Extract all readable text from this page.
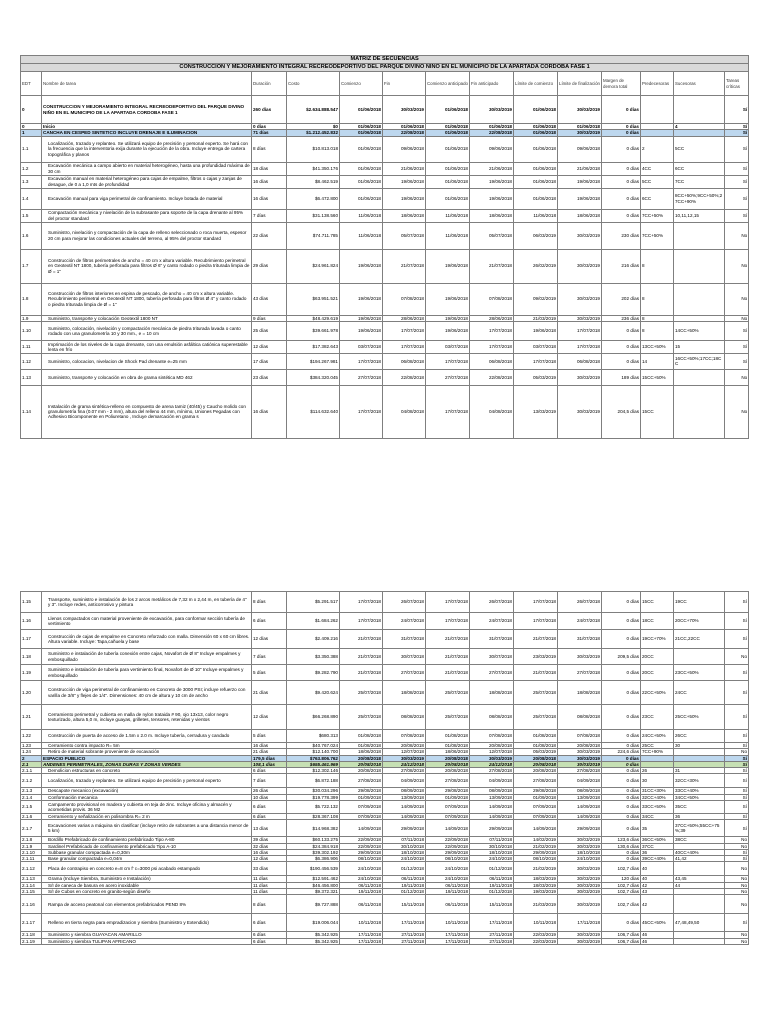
MATRIZ DE SECUENCIAS													
CONSTRUCCION Y MEJORAMIENTO INTEGRAL RECREODEPORTIVO DEL PARQUE DIVINO NIÑO EN EL MUNICIPIO DE LA APARTADA CORDOBA FASE 1													
EDT	Nombre de tarea	Duración	Costo	Comienzo	Fin	Comienzo anticipado	Fin anticipado	Límite de comienzo	Límite de finalización	Margen de demora total	Predecesoras	Sucesoras	Tareas críticas
0	CONSTRUCCION Y MEJORAMIENTO INTEGRAL RECREODEPORTIVO DEL PARQUE DIVINO NIÑO EN EL MUNICIPIO DE LA APARTADA CORDOBA FASE 1	260 días	$2.634.888.547	01/06/2018	30/03/2019	01/06/2018	30/03/2019	01/06/2018	30/03/2019	0 días			Sí
0	Inicio	0 días	$0	01/06/2018	01/06/2018	01/06/2018	01/06/2018	01/06/2018	01/06/2018	0 días		4	Sí
1	CANCHA EN CESPED SINTETICO INCLUYE DRENAJE E ILUMINACION	71 días	$1.212.452.832	01/06/2018	22/08/2018	01/06/2018	22/08/2018	01/06/2018	30/03/2019	0 días			Sí
1.1	Localización, trazado y replanteo. Se utilizará equipo de precisión y personal experto. Se hará con la frecuencia que la interventoria exija durante la ejecución de la obra. Incluye entrega de cartera topográfica y planos	8 días	$10.813.018	01/06/2018	09/06/2018	01/06/2018	09/06/2018	01/06/2018	09/06/2018	0 días	2	5CC	Sí
1.2	Excavación mecánica a campo abierto en material heterogéneo, hasta una profundidad máxima de 30 cm	18 días	$41.350.176	01/06/2018	21/06/2018	01/06/2018	21/06/2018	01/06/2018	21/06/2018	0 días	4CC	6CC	Sí
1.3	Excavación manual en material heterogéneo para cajas de empalme, filtros o cajas y zanjas de desague, de 0 a 1,0 mts de profundidad	16 días	$8.462.519	01/06/2018	19/06/2018	01/06/2018	19/06/2018	01/06/2018	19/06/2018	0 días	5CC	7CC	Sí
1.4	Excavación manual para viga perimetral de confinamiento. Incluye botada de material	16 días	$6.472.800	01/06/2018	19/06/2018	01/06/2018	19/06/2018	01/06/2018	19/06/2018	0 días	6CC	8CC+50%;9CC+50%;27CC+90%	Sí
1.5	Compactación mecánica y nivelación de la subrasante para soporte de la capa drenante al 95% del proctor standard	7 días	$31.138.560	11/06/2018	18/06/2018	11/06/2018	18/06/2018	11/06/2018	18/06/2018	0 días	7CC+50%	10,11,12,15	Sí
1.6	Suministro, nivelación y compactación de la capa de relleno seleccionado o roca muerta, espesor 20 cm para mejorar las condiciones actuales del terreno, al 95% del proctor standard	22 días	$74.711.785	11/06/2018	05/07/2018	11/06/2018	05/07/2018	06/03/2019	30/03/2019	230 días	7CC+50%		No
1.7	Construcción de filtros perimetrales de ancho = 40 cm x altura variable. Recubrimiento perimetral en Geotextil NT 1800, tubería perforada para filtros Ø 6" y canto rodado o piedra triturada limpia de Ø = 1"	29 días	$24.961.824	19/06/2018	21/07/2018	19/06/2018	21/07/2018	26/02/2019	30/03/2019	216 días	8		No
1.8	Construcción de filtros interiores en espina de pescado, de ancho = 40 cm x altura variable. Recubrimiento perimetral en Geotextil NT 1800, tubería perforada para filtros Ø 4" y canto rodado o piedra triturada limpia de Ø = 1"	43 días	$63.951.521	19/06/2018	07/08/2018	19/06/2018	07/08/2018	09/02/2019	30/03/2019	202 días	8		No
1.9	Suministro, transporte y colocación Geotextil 1800 NT	9 días	$48.429.619	19/06/2018	28/06/2018	19/06/2018	28/06/2018	21/03/2019	30/03/2019	236 días	8		No
1.10	Suministro, colocación, nivelación y compactación mecánica de piedra triturada lavada o canto rodado con una granulometría 10 y 30 mm., e = 10 cm	25 días	$39.661.978	19/06/2018	17/07/2018	19/06/2018	17/07/2018	19/06/2018	17/07/2018	0 días	8	14CC+50%	Sí
1.11	Imprimación de los niveles de la capa drenante, con una emulsión asfáltica catiónica superestable lenta en frío	12 días	$17.382.643	03/07/2018	17/07/2018	03/07/2018	17/07/2018	03/07/2018	17/07/2018	0 días	13CC+50%	15	Sí
1.12	Suministro, colocacion, nivelacion de Shock Pad drenante e=25 mm	17 días	$194.267.981	17/07/2018	06/08/2018	17/07/2018	06/08/2018	17/07/2018	06/08/2018	0 días	14	16CC+50%;17CC;18CC	Sí
1.13	Suministro, transporte y colocación en obra de grama sintética MD 462	23 días	$384.320.045	27/07/2018	22/08/2018	27/07/2018	22/08/2018	05/03/2019	30/03/2019	189 días	15CC+50%		No
1.14	Instalación de grama sintética-relleno en compuesto de arena tamiz (40/45) y Caucho molido con granulometría fina (0.07 mm - 2 mm), altura del relleno 44 mm, mínimo, Uniones Pegadas con Adhesivo Bicomponente en Poliuretano , Incluye demarcación en grama s	16 días	$114.632.640	17/07/2018	04/08/2018	17/07/2018	04/08/2018	13/03/2019	30/03/2019	204,5 días	15CC		No
1.15	Transporte, suministro e instalación de los 2 arcos metálicos de 7,32 m x 2,44 m, en tubería de 4" y 3". Incluye redes, anticorrosivo y pintura	8 días	$5.291.517	17/07/2018	26/07/2018	17/07/2018	26/07/2018	17/07/2018	26/07/2018	0 días	15CC	19CC	Sí
1.16	Llenos compactados con material proveniente de excavación, para conformar sección tubería de vertimiento	6 días	$1.684.262	17/07/2018	24/07/2018	17/07/2018	24/07/2018	17/07/2018	24/07/2018	0 días	18CC	20CC+70%	Sí
1.17	Construcción de cajas de empalme en Concreto reforzado con malla. Dimensión 60 x 60 cm libres. Altura variable. Incluye: Tapa,cañuela y base	12 días	$2.409.216	21/07/2018	31/07/2018	21/07/2018	31/07/2018	21/07/2018	31/07/2018	0 días	19CC+70%	21CC,22CC	Sí
1.18	Suministro e instalación de tubería conexión entre cajas, Novafort de Ø 8" Incluye empalmes y embosquillado	7 días	$3.350.388	21/07/2018	30/07/2018	21/07/2018	30/07/2018	23/03/2019	30/03/2019	209,5 días	20CC		No
1.19	Suministro e instalación de tubería para vertimiento final, Novafort de Ø 10" Incluye empalmes y embosquillado	5 días	$9.282.790	21/07/2018	27/07/2018	21/07/2018	27/07/2018	21/07/2018	27/07/2018	0 días	20CC	23CC+50%	Sí
1.20	Construcción de viga perimetral de confinamiento en Concreto de 3000 PSI; incluye refuerzo con varilla de 3/8" y flejes de 1/4". Dimensiones: 40 cm de altura y 10 cm de ancho	21 días	$9.420.624	25/07/2018	18/08/2018	25/07/2018	18/08/2018	25/07/2018	18/08/2018	0 días	22CC+50%	24CC	Sí
1.21	Cerramiento perimetral y cubierta en malla de nylon trataida # 90, ojo 13x13, color negro texturizado, altura 5,0 m, incluye guayas, grilletes, tensores, retenidas y vientos	12 días	$66.268.890	25/07/2018	08/08/2018	25/07/2018	08/08/2018	25/07/2018	08/08/2018	0 días	23CC	25CC+50%	Sí
1.22	Construcción de puerta de acceso de 1.5m x 2.0 m. Incluye tubería, cerradura y candado	5 días	$680.313	01/08/2018	07/08/2018	01/08/2018	07/08/2018	01/08/2018	07/08/2018	0 días	24CC+50%	26CC	Sí
1.23	Cerramiento contra impacto R= 5m	16 días	$40.767.024	01/08/2018	20/08/2018	01/08/2018	20/08/2018	01/08/2018	20/08/2018	0 días	25CC	30	Sí
1.24	Retiro de material sobrante proveniente de excavación	21 días	$12.140.700	18/06/2018	12/07/2018	18/06/2018	12/07/2018	05/03/2019	30/03/2019	224,6 días	7CC+90%		No
2	ESPACIO PUBLICO	179,5 días	$763.806.762	20/08/2018	30/03/2019	20/08/2018	30/03/2019	20/08/2018	30/03/2019	0 días			Sí
2.1	ANDENES PERIMETRALES, ZONAS DURAS Y ZONAS VERDES	108,1 días	$655.461.969	20/08/2018	24/12/2018	20/08/2018	24/12/2018	20/08/2018	30/03/2019	0 días			Sí
2.1.1	Demolicion estructuras en concreto	6 días	$12.302.146	20/08/2018	27/08/2018	20/08/2018	27/08/2018	20/08/2018	27/08/2018	0 días	26	31	Sí
2.1.2	Localización, trazado y replanteo. Se utilizará equipo de precisión y personal experto	7 días	$6.872.188	27/08/2018	04/09/2018	27/08/2018	04/09/2018	27/08/2018	04/09/2018	0 días	30	32CC+30%	Sí
2.1.3	Descapote mecanico (excavación)	26 días	$30.034.296	29/08/2018	08/09/2018	29/08/2018	08/09/2018	29/08/2018	08/09/2018	0 días	31CC+30%	33CC+40%	Sí
2.1.4	Conformación mecanica	10 días	$19.778.399	01/09/2018	13/09/2018	01/09/2018	13/09/2018	01/09/2018	13/09/2018	0 días	32CC+40%	34CC+50%	Sí
2.1.5	Campamento provisional en madera y cubierta en teja de zinc. Incluye oficina y almacén y acometidas provis. 36 M2	6 días	$5.722.132	07/09/2018	14/09/2018	07/09/2018	14/09/2018	07/09/2018	14/09/2018	0 días	33CC+50%	35CC	Sí
2.1.6	Cerramiento y señalización en polisombra R= 2 m	6 días	$28.367.108	07/09/2018	14/09/2018	07/09/2018	14/09/2018	07/09/2018	14/09/2018	0 días	34CC	36	Sí
2.1.7	Excavaciones varias a máquina sin clasificar (incluye retiro de sobrantes a una distancia menor de 5 km)	13 días	$14.968.382	14/09/2018	29/09/2018	14/09/2018	29/09/2018	14/09/2018	29/09/2018	0 días	35	37CC+50%;55CC+75%;39	Sí
2.1.8	Bordillo Prefabricado de confinamiento prefabricado Tipo A-80	39 días	$60.133.275	22/09/2018	07/11/2018	22/09/2018	07/11/2018	14/02/2019	30/03/2019	123,6 días	36CC+50%	38CC	No
2.1.9	Sardinel Prefabricado de confinamiento prefabricado Tipo A-10	32 días	$24.384.918	22/09/2018	30/10/2018	22/09/2018	30/10/2018	21/02/2019	30/03/2019	130,6 días	37CC		No
2.1.10	Subbase granular compactada e=0,30m	16 días	$39.302.192	29/09/2018	18/10/2018	29/09/2018	18/10/2018	29/09/2018	18/10/2018	0 días	36	40CC+40%	Sí
2.1.11	Base granular compactada e=0,04m	12 días	$6.386.906	08/10/2018	24/10/2018	08/10/2018	24/10/2018	08/10/2018	24/10/2018	0 días	39CC+40%	41,42	Sí
2.1.12	Placa de contrapiso en concreto e=8 cm f' c=3000 psi acabado estampado	33 días	$190.456.539	24/10/2018	01/12/2018	24/10/2018	01/12/2018	21/02/2019	30/03/2019	102,7 días	40		No
2.1.13	Grama (Incluye Siembra, Suministro e Instalación)	11 días	$12.591.462	24/10/2018	06/11/2018	24/10/2018	06/11/2018	18/03/2019	30/03/2019	120 días	40	43,45	No
2.1.14	S/I de caneca de basura en acero inoxidable	11 días	$46.456.800	06/11/2018	19/11/2018	06/11/2018	19/11/2018	18/03/2019	30/03/2019	102,7 días	42	44	No
2.1.15	S/I de Cubos en concreto en granito-segùn diseño	11 días	$9.372.321	19/11/2018	01/12/2018	19/11/2018	01/12/2018	19/03/2019	30/03/2019	102,7 días	43		No
2.1.16	Rampa de acceso peatonal con elementos prefabricados PEND 8%	8 días	$9.727.888	06/11/2018	15/11/2018	06/11/2018	15/11/2018	21/03/2019	30/03/2019	102,7 días	42		No
2.1.17	Relleno en tierra negra para empradizacion y siembra (Suministro y Extendido)	6 días	$19.006.044	10/11/2018	17/11/2018	10/11/2018	17/11/2018	10/11/2018	17/11/2018	0 días	45CC+50%	47,48,49,50	Sí
2.1.18	Suministro y siembra GUAYACAN AMARILLO	6 días	$5.342.925	17/11/2018	27/11/2018	17/11/2018	27/11/2018	22/03/2019	30/03/2019	106,7 días	46		No
2.1.19	Suministro y siembra TULIPAN AFRICANO	6 días	$5.342.925	17/11/2018	27/11/2018	17/11/2018	27/11/2018	22/03/2019	30/03/2019	106,7 días	46		No
